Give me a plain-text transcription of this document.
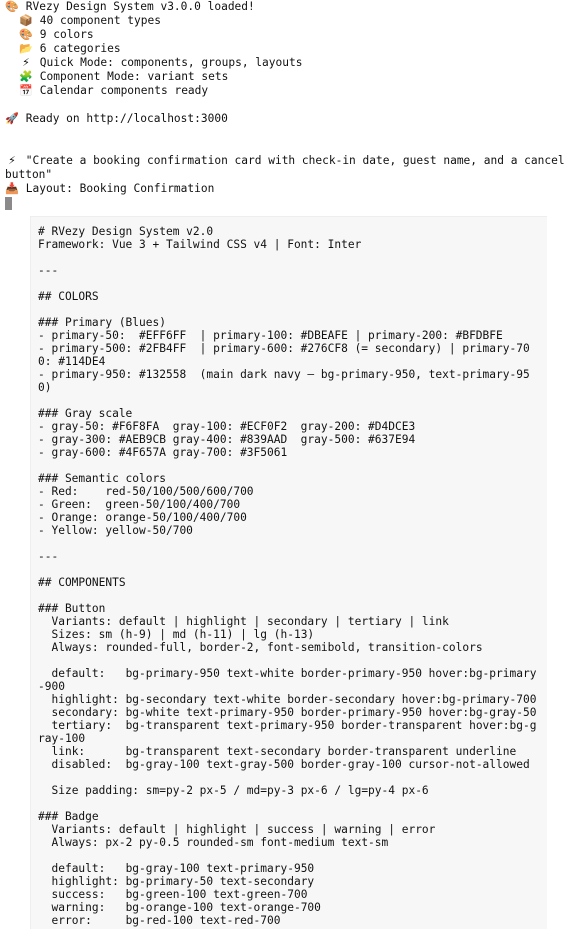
🎨 RVezy Design System v3.0.0 loaded!
📦 40 component types
🎨 9 colors
📂 6 categories
⚡ Quick Mode: components, groups, layouts
🧩 Component Mode: variant sets
📅 Calendar components ready
🚀 Ready on http://localhost:3000
⚡ "Create a booking confirmation card with check-in date, guest name, and a cancel button"
📥 Layout: Booking Confirmation
# RVezy Design System v2.0
Framework: Vue 3 + Tailwind CSS v4 | Font: Inter
---
## COLORS
### Primary (Blues)
- primary-50:  #EFF6FF  | primary-100: #DBEAFE | primary-200: #BFDBFE
- primary-500: #2FB4FF  | primary-600: #276CF8 (= secondary) | primary-700: #114DE4
- primary-950: #132558  (main dark navy — bg-primary-950, text-primary-950)
### Gray scale
- gray-50: #F6F8FA  gray-100: #ECF0F2  gray-200: #D4DCE3
- gray-300: #AEB9CB gray-400: #839AAD  gray-500: #637E94
- gray-600: #4F657A gray-700: #3F5061
### Semantic colors
- Red:    red-50/100/500/600/700
- Green:  green-50/100/400/700
- Orange: orange-50/100/400/700
- Yellow: yellow-50/700
---
## COMPONENTS
### Button
Variants: default | highlight | secondary | tertiary | link
Sizes: sm (h-9) | md (h-11) | lg (h-13)
Always: rounded-full, border-2, font-semibold, transition-colors
default:   bg-primary-950 text-white border-primary-950 hover:bg-primary-900
highlight: bg-secondary text-white border-secondary hover:bg-primary-700
secondary: bg-white text-primary-950 border-primary-950 hover:bg-gray-50
tertiary:  bg-transparent text-primary-950 border-transparent hover:bg-gray-100
link:      bg-transparent text-secondary border-transparent underline
disabled:  bg-gray-100 text-gray-500 border-gray-100 cursor-not-allowed
Size padding: sm=py-2 px-5 / md=py-3 px-6 / lg=py-4 px-6
### Badge
Variants: default | highlight | success | warning | error
Always: px-2 py-0.5 rounded-sm font-medium text-sm
default:   bg-gray-100 text-primary-950
highlight: bg-primary-50 text-secondary
success:   bg-green-100 text-green-700
warning:   bg-orange-100 text-orange-700
error:     bg-red-100 text-red-700
